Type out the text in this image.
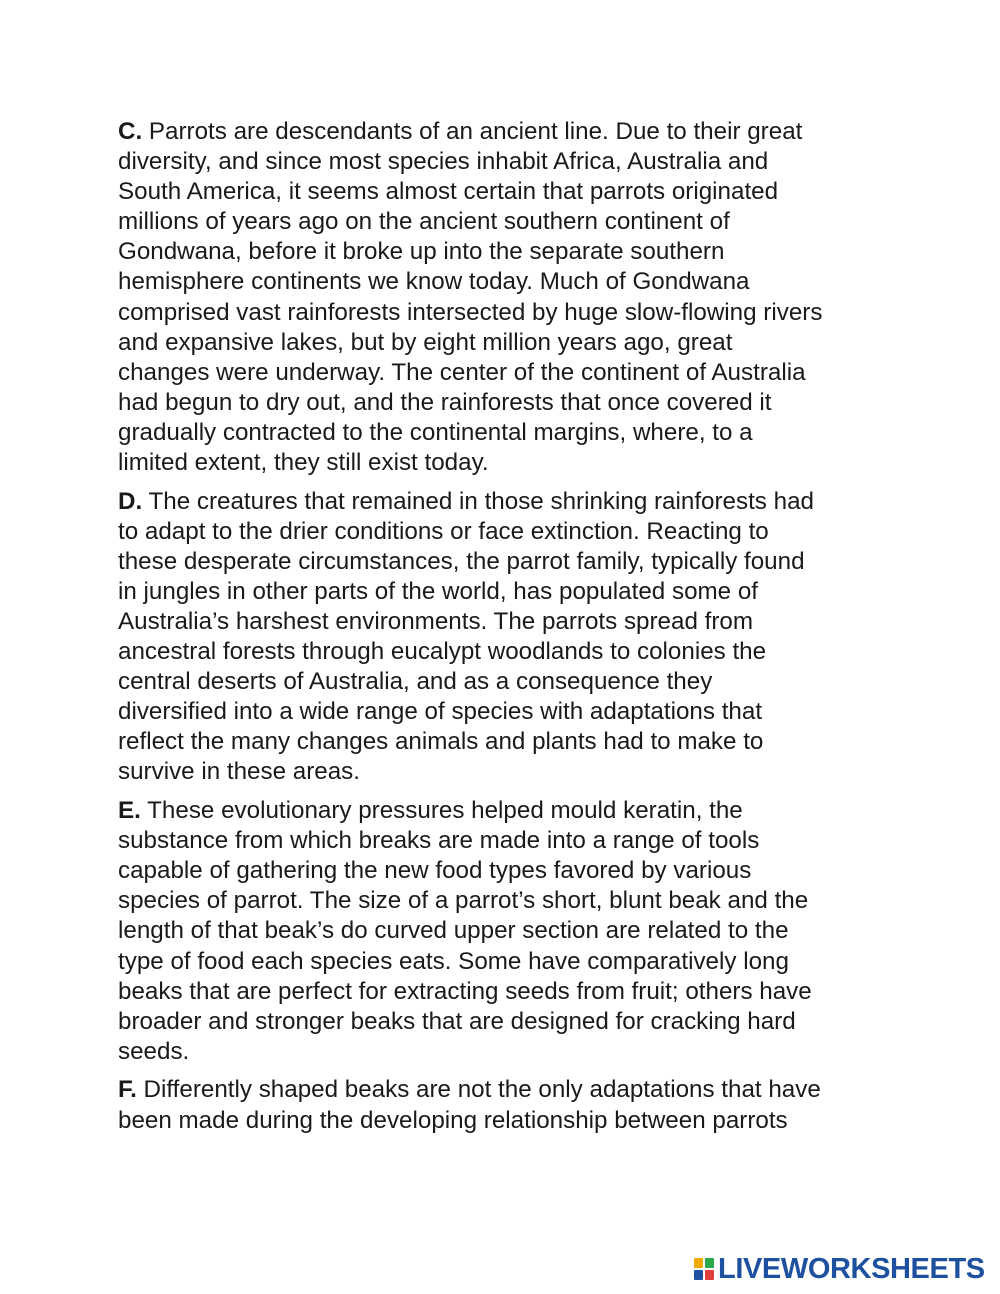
C. Parrots are descendants of an ancient line. Due to their great
diversity, and since most species inhabit Africa, Australia and
South America, it seems almost certain that parrots originated
millions of years ago on the ancient southern continent of
Gondwana, before it broke up into the separate southern
hemisphere continents we know today. Much of Gondwana
comprised vast rainforests intersected by huge slow-flowing rivers
and expansive lakes, but by eight million years ago, great
changes were underway. The center of the continent of Australia
had begun to dry out, and the rainforests that once covered it
gradually contracted to the continental margins, where, to a
limited extent, they still exist today.

D. The creatures that remained in those shrinking rainforests had
to adapt to the drier conditions or face extinction. Reacting to
these desperate circumstances, the parrot family, typically found
in jungles in other parts of the world, has populated some of
Australia’s harshest environments. The parrots spread from
ancestral forests through eucalypt woodlands to colonies the
central deserts of Australia, and as a consequence they
diversified into a wide range of species with adaptations that
reflect the many changes animals and plants had to make to
survive in these areas.

E. These evolutionary pressures helped mould keratin, the
substance from which breaks are made into a range of tools
capable of gathering the new food types favored by various
species of parrot. The size of a parrot’s short, blunt beak and the
length of that beak’s do curved upper section are related to the
type of food each species eats. Some have comparatively long
beaks that are perfect for extracting seeds from fruit; others have
broader and stronger beaks that are designed for cracking hard
seeds.

F. Differently shaped beaks are not the only adaptations that have
been made during the developing relationship between parrots

LIVEWORKSHEETS
